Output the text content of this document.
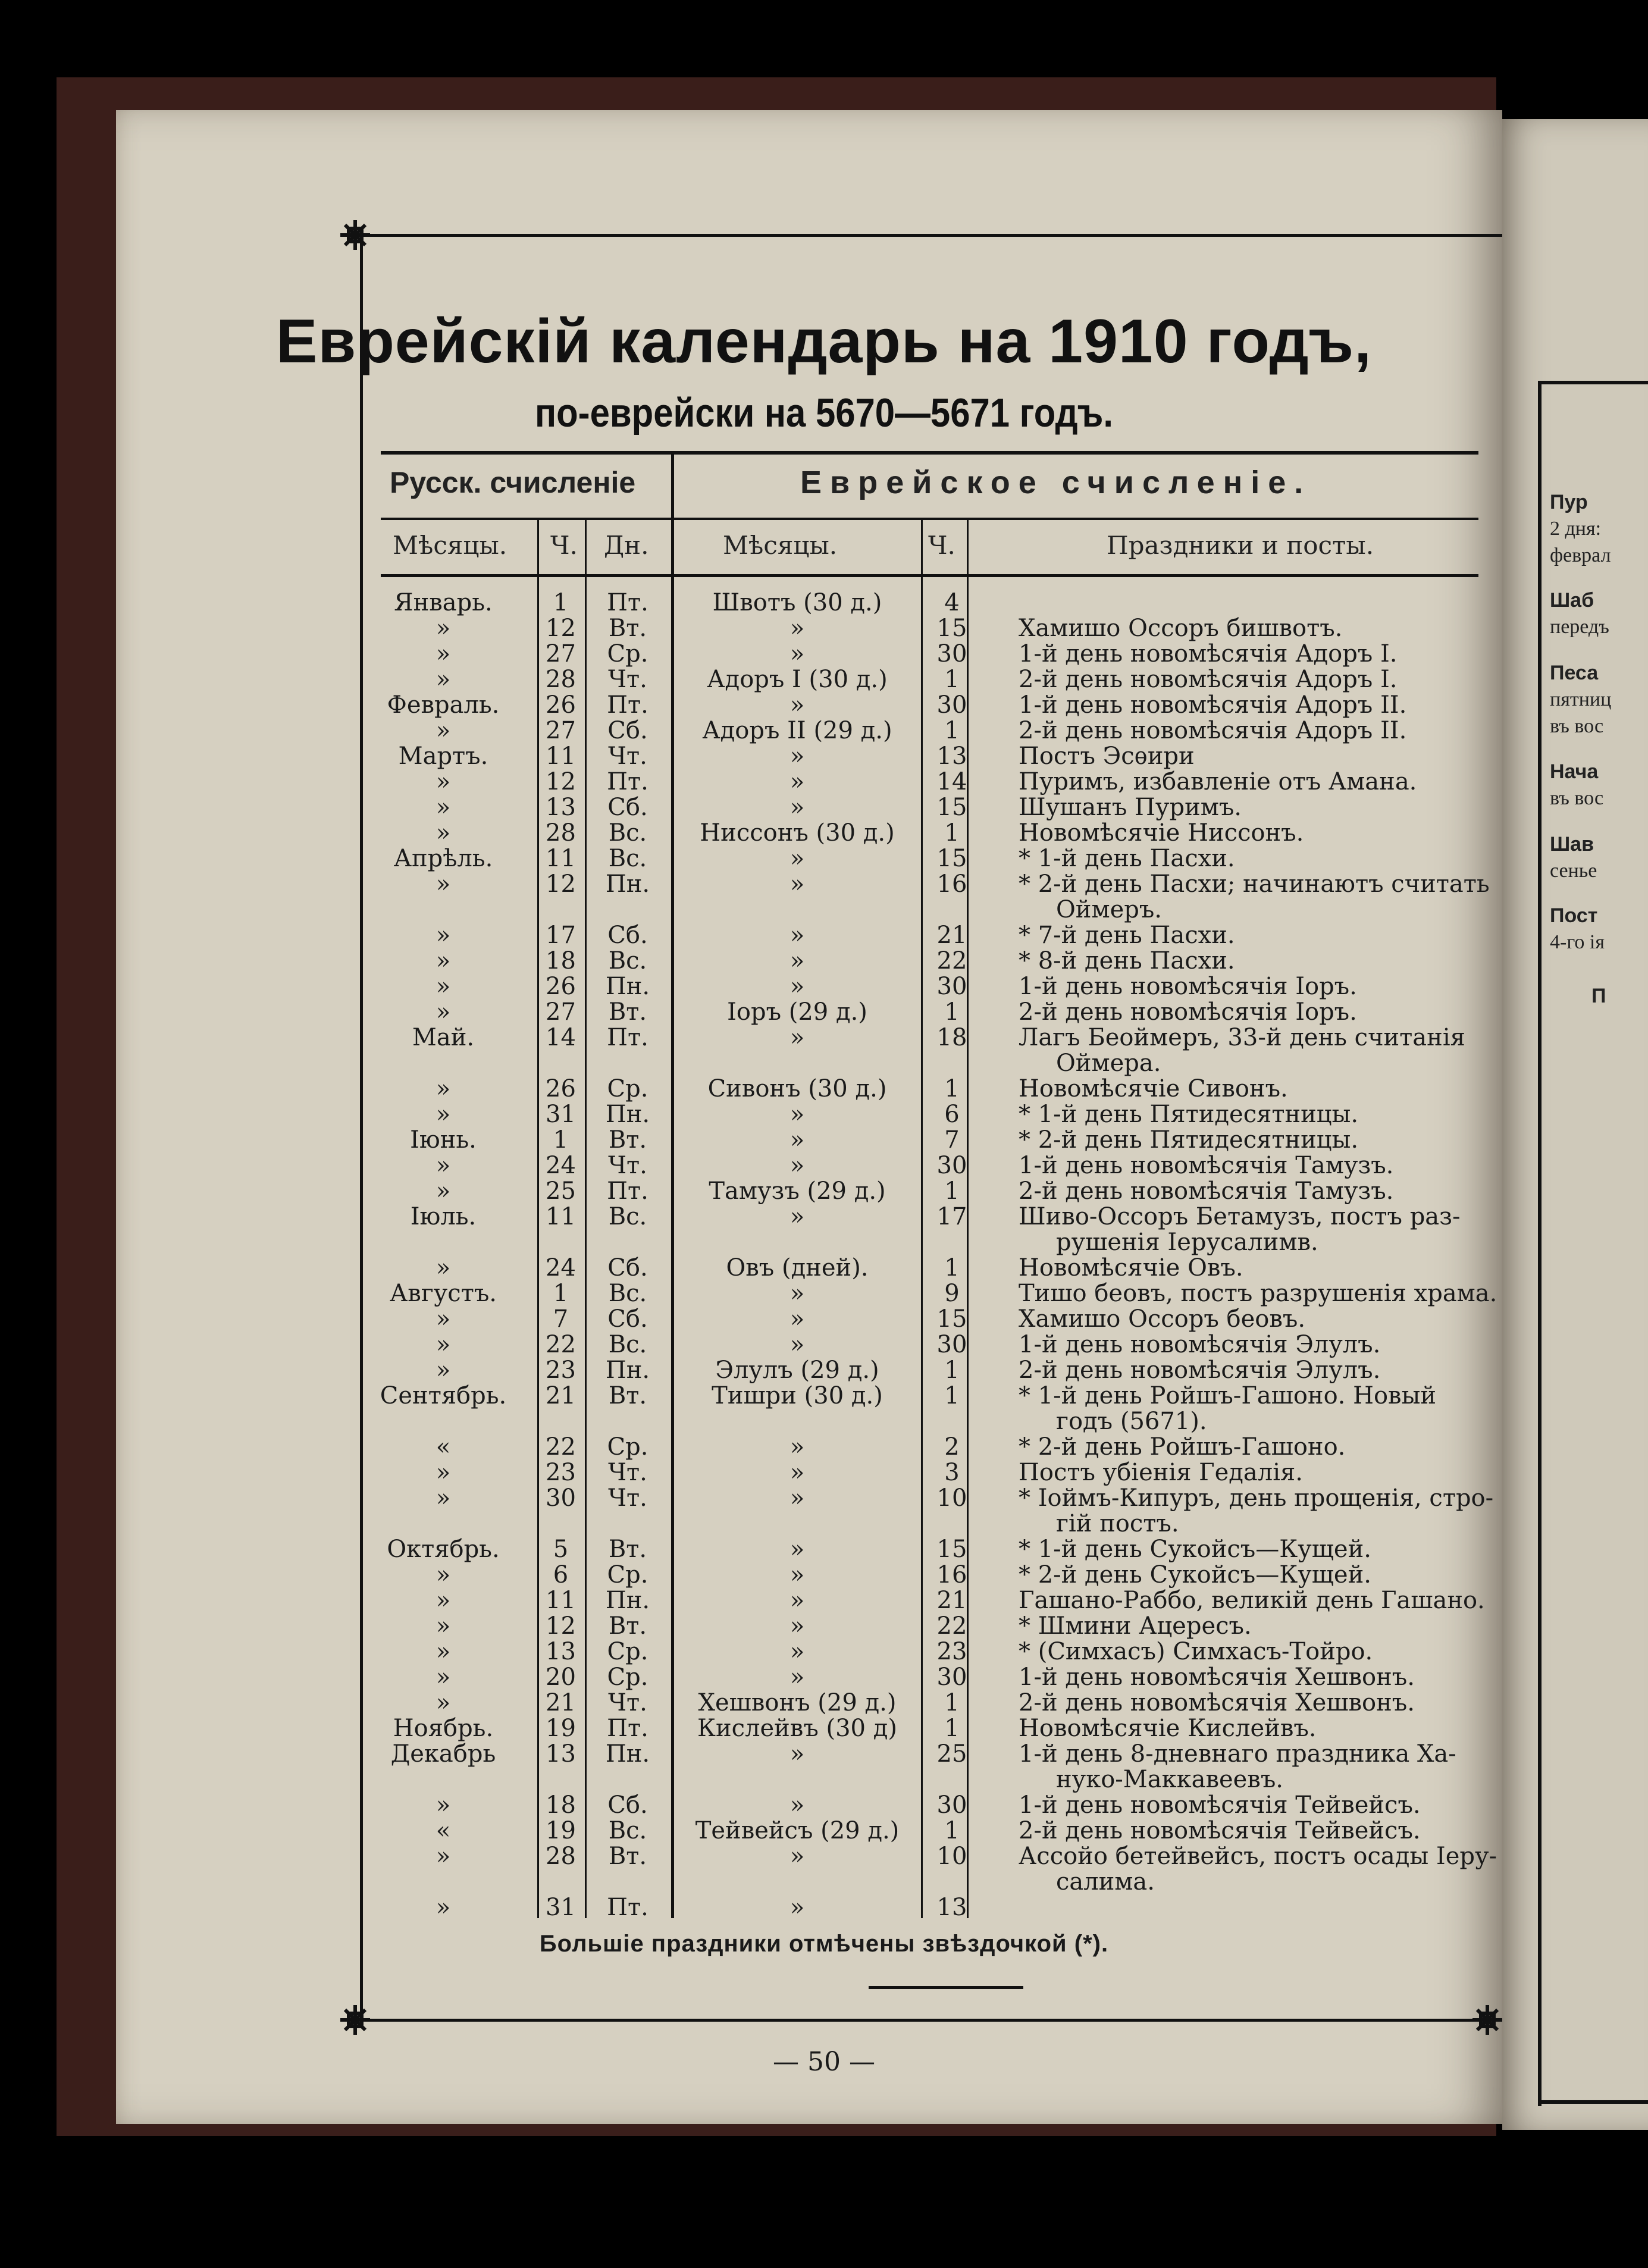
Пур
2 дня:
феврал
Шаб
передъ
Песа
пятниц
въ вос
Нача
въ вос
Шав
сенье
Пост
4-го ія
П
Еврейскій календарь на 1910 годъ,
по-еврейски на 5670—5671 годъ.
Русск. счисленіе	Еврейское счисленіе.
Мѣсяцы. Ч. Дн.	Мѣсяцы.	Ч.	Праздники и посты.
Январь.	1	Пт.	Швотъ (30 д.)	4
»	12	Вт.	»	15	Хамишо Оссоръ бишвотъ.
»	27	Ср.	»	30	1-й день новомѣсячія Адоръ I.
»	28	Чт.	Адоръ I (30 д.)	1	2-й день новомѣсячія Адоръ I.
Февраль.	26	Пт.	»	30	1-й день новомѣсячія Адоръ II.
»	27	Сб.	Адоръ II (29 д.)	1	2-й день новомѣсячія Адоръ II.
Мартъ.	11	Чт.	»	13	Постъ Эсѳири
»	12	Пт.	»	14	Пуримъ, избавленіе отъ Амана.
»	13	Сб.	»	15	Шушанъ Пуримъ.
»	28	Вс.	Ниссонъ (30 д.)	1	Новомѣсячіе Ниссонъ.
Апрѣль.	11	Вс.	»	15	* 1-й день Пасхи.
»	12	Пн.	»	16	* 2-й день Пасхи; начинаютъ считать
Оймеръ.
»	17	Сб.	»	21	* 7-й день Пасхи.
»	18	Вс.	»	22	* 8-й день Пасхи.
»	26	Пн.	»	30	1-й день новомѣсячія Іоръ.
»	27	Вт.	Іоръ (29 д.)	1	2-й день новомѣсячія Іоръ.
Май.	14	Пт.	»	18	Лагъ Беоймеръ, 33-й день считанія
Оймера.
»	26	Ср.	Сивонъ (30 д.)	1	Новомѣсячіе Сивонъ.
»	31	Пн.	»	6	* 1-й день Пятидесятницы.
Іюнь.	1	Вт.	»	7	* 2-й день Пятидесятницы.
»	24	Чт.	»	30	1-й день новомѣсячія Тамузъ.
»	25	Пт.	Тамузъ (29 д.)	1	2-й день новомѣсячія Тамузъ.
Іюль.	11	Вс.	»	17	Шиво-Оссоръ Бетамузъ, постъ раз-
рушенія Іерусалимв.
»	24	Сб.	Овъ (дней).	1	Новомѣсячіе Овъ.
Августъ.	1	Вс.	»	9	Тишо беовъ, постъ разрушенія храма.
»	7	Сб.	»	15	Хамишо Оссоръ беовъ.
»	22	Вс.	»	30	1-й день новомѣсячія Элулъ.
»	23	Пн.	Элулъ (29 д.)	1	2-й день новомѣсячія Элулъ.
Сентябрь.	21	Вт.	Тишри (30 д.)	1	* 1-й день Ройшъ-Гашоно. Новый
годъ (5671).
«	22	Ср.	»	2	* 2-й день Ройшъ-Гашоно.
»	23	Чт.	»	3	Постъ убіенія Гедалія.
»	30	Чт.	»	10	* Іоймъ-Кипуръ, день прощенія, стро-
гій постъ.
Октябрь.	5	Вт.	»	15	* 1-й день Сукойсъ—Кущей.
»	6	Ср.	»	16	* 2-й день Сукойсъ—Кущей.
»	11	Пн.	»	21	Гашано-Раббо, великій день Гашано.
»	12	Вт.	»	22	* Шмини Ацересъ.
»	13	Ср.	»	23	* (Симхасъ) Симхасъ-Тойро.
»	20	Ср.	»	30	1-й день новомѣсячія Хешвонъ.
»	21	Чт.	Хешвонъ (29 д.)	1	2-й день новомѣсячія Хешвонъ.
Ноябрь.	19	Пт.	Кислейвъ (30 д)	1	Новомѣсячіе Кислейвъ.
Декабрь	13	Пн.	»	25	1-й день 8-дневнаго праздника Ха-
нуко-Маккавеевъ.
»	18	Сб.	»	30	1-й день новомѣсячія Тейвейсъ.
«	19	Вс.	Тейвейсъ (29 д.)	1	2-й день новомѣсячія Тейвейсъ.
»	28	Вт.	»	10	Ассойо бетейвейсъ, постъ осады Іеру-
салима.
»	31	Пт.	»	13
Большіе праздники отмѣчены звѣздочкой (*).
— 50 —
